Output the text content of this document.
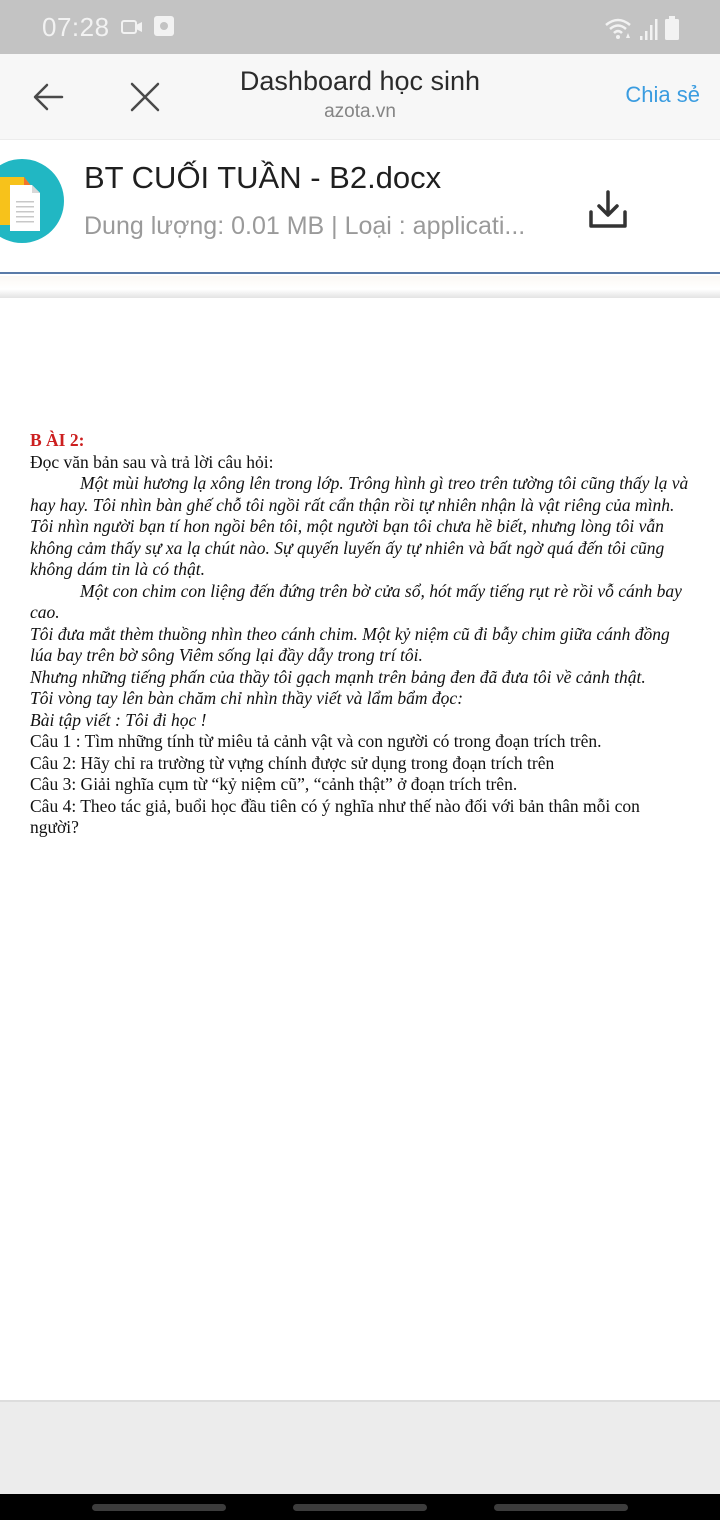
07:28
Dashboard học sinh
azota.vn
Chia sẻ
BT CUỐI TUẦN - B2.docx
Dung lượng: 0.01 MB | Loại : applicati...

B ÀI 2:

Đọc văn bản sau và trả lời câu hỏi:

Một mùi hương lạ xông lên trong lớp. Trông hình gì treo trên tường tôi cũng thấy lạ và hay hay. Tôi nhìn bàn ghế chỗ tôi ngồi rất cẩn thận rồi tự nhiên nhận là vật riêng của mình. Tôi nhìn người bạn tí hon ngồi bên tôi, một người bạn tôi chưa hề biết, nhưng lòng tôi vẫn không cảm thấy sự xa lạ chút nào. Sự quyến luyến ấy tự nhiên và bất ngờ quá đến tôi cũng không dám tin là có thật.

Một con chim con liệng đến đứng trên bờ cửa sổ, hót mấy tiếng rụt rè rồi vỗ cánh bay cao.

Tôi đưa mắt thèm thuồng nhìn theo cánh chim. Một kỷ niệm cũ đi bẫy chim giữa cánh đồng lúa bay trên bờ sông Viêm sống lại đầy dẫy trong trí tôi.

Nhưng những tiếng phấn của thầy tôi gạch mạnh trên bảng đen đã đưa tôi về cảnh thật.

Tôi vòng tay lên bàn chăm chỉ nhìn thầy viết và lẩm bẩm đọc:

Bài tập viết : Tôi đi học !

Câu 1 : Tìm những tính từ miêu tả cảnh vật và con người có trong đoạn trích trên.

Câu 2: Hãy chỉ ra trường từ vựng chính được sử dụng trong đoạn trích trên

Câu 3: Giải nghĩa cụm từ “kỷ niệm cũ”, “cảnh thật” ở đoạn trích trên.

Câu 4: Theo tác giả, buổi học đầu tiên có ý nghĩa như thế nào đối với bản thân mỗi con người?
